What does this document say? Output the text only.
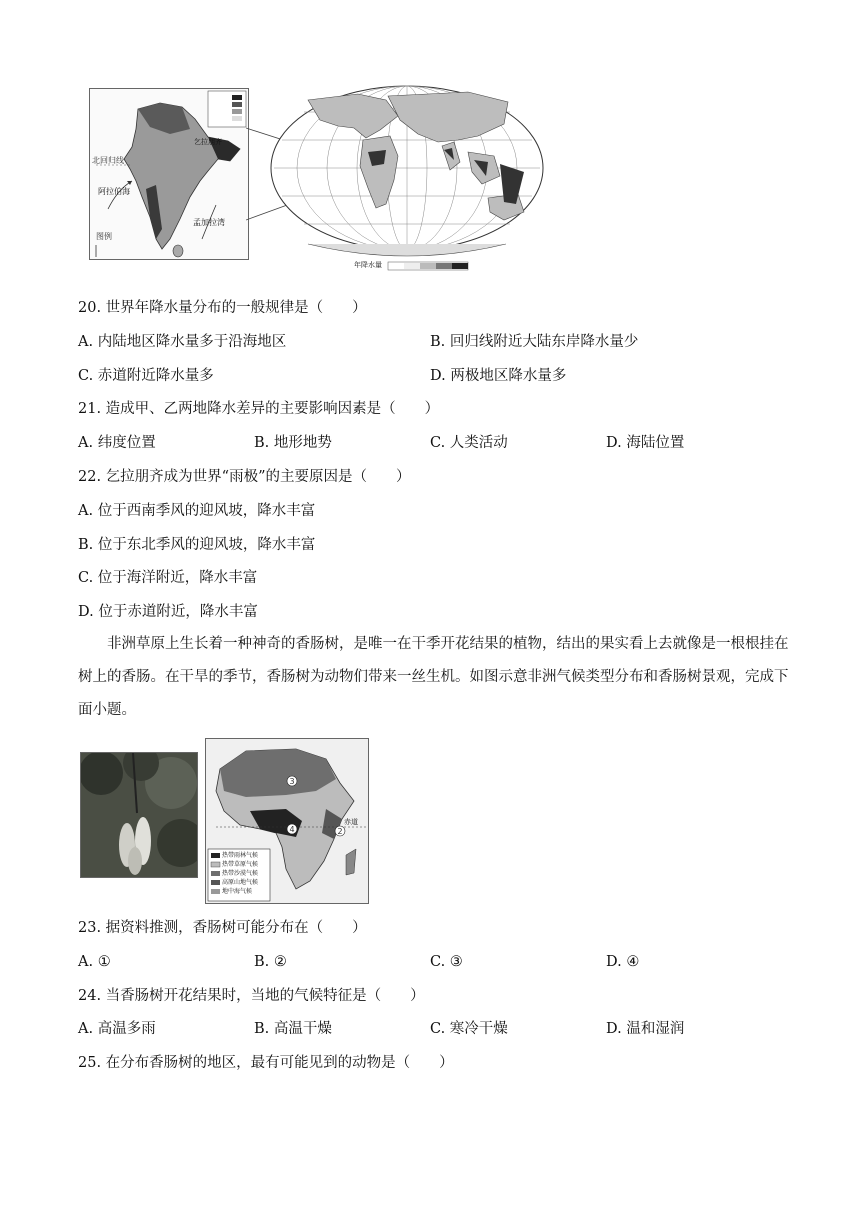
北回归线
图例
阿拉伯海
孟加拉湾
乞拉朋齐
年降水量
20. 世界年降水量分布的一般规律是（　　）
A. 内陆地区降水量多于沿海地区	B. 回归线附近大陆东岸降水量少
C. 赤道附近降水量多	D. 两极地区降水量多
21. 造成甲、乙两地降水差异的主要影响因素是（　　）
A. 纬度位置	B. 地形地势	C. 人类活动	D. 海陆位置
22. 乞拉朋齐成为世界“雨极”的主要原因是（　　）
A. 位于西南季风的迎风坡，降水丰富
B. 位于东北季风的迎风坡，降水丰富
C. 位于海洋附近，降水丰富
D. 位于赤道附近，降水丰富
非洲草原上生长着一种神奇的香肠树，是唯一在干季开花结果的植物，结出的果实看上去就像是一根根挂在树上的香肠。在干旱的季节，香肠树为动物们带来一丝生机。如图示意非洲气候类型分布和香肠树景观，完成下面小题。
3
4	2
赤道
热带雨林气候
热带草原气候
热带沙漠气候
高原山地气候
地中海气候
23. 据资料推测，香肠树可能分布在（　　）
A. ①	B. ②	C. ③	D. ④
24. 当香肠树开花结果时，当地的气候特征是（　　）
A. 高温多雨	B. 高温干燥	C. 寒冷干燥	D. 温和湿润
25. 在分布香肠树的地区，最有可能见到的动物是（　　）
